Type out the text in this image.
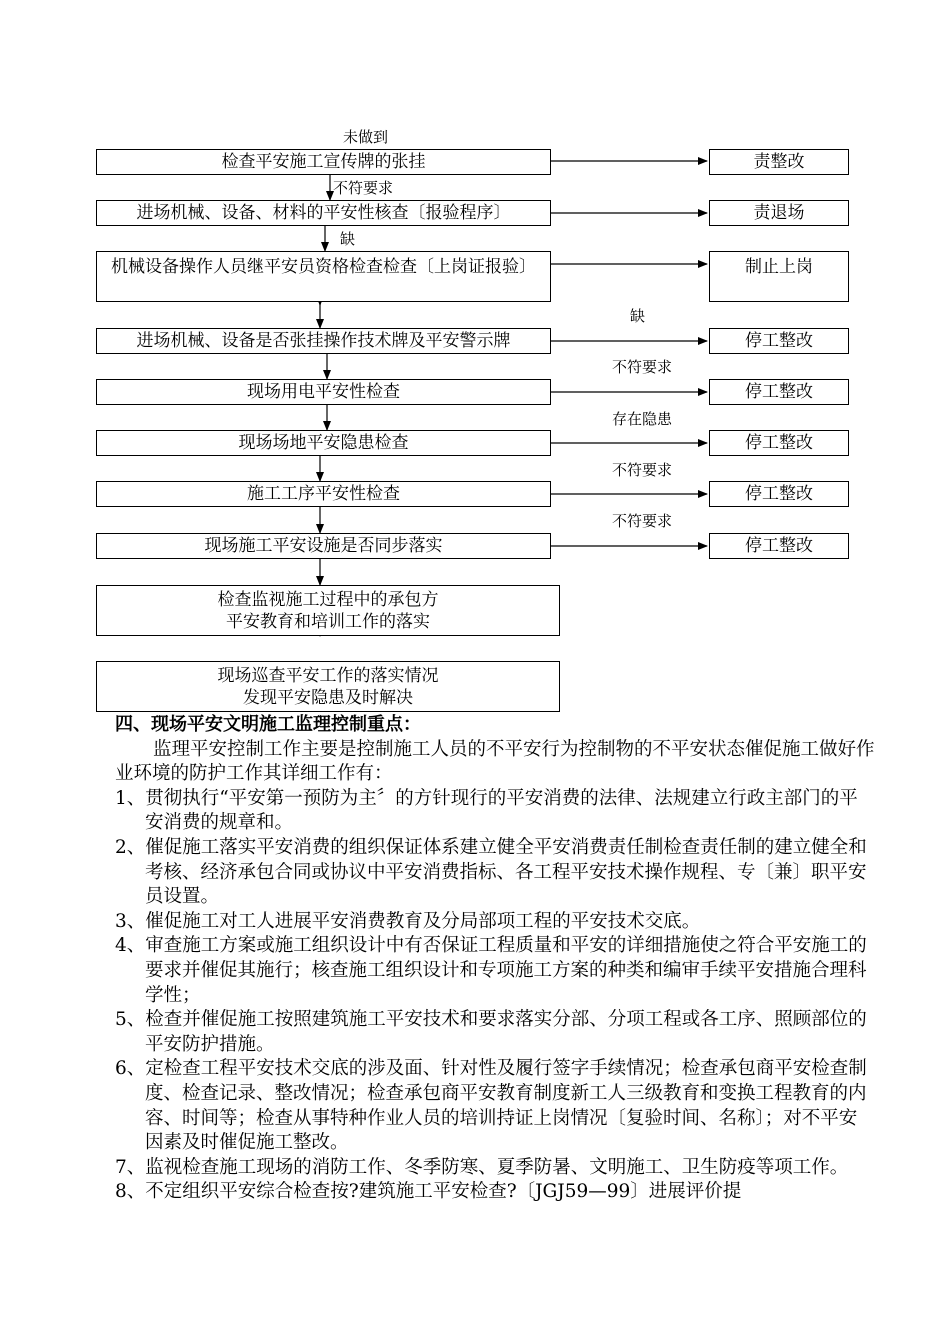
未做到
不符要求
缺
缺
不符要求
存在隐患
不符要求
不符要求
检查平安施工宣传牌的张挂
进场机械、设备、材料的平安性核查〔报验程序〕
机械设备操作人员继平安员资格检查检查〔上岗证报验〕
进场机械、设备是否张挂操作技术牌及平安警示牌
现场用电平安性检查
现场场地平安隐患检查
施工工序平安性检查
现场施工平安设施是否同步落实
责整改
责退场
制止上岗
停工整改
停工整改
停工整改
停工整改
停工整改
检查监视施工过程中的承包方
平安教育和培训工作的落实
现场巡查平安工作的落实情况
发现平安隐患及时解决
四、现场平安文明施工监理控制重点：
监理平安控制工作主要是控制施工人员的不平安行为控制物的不平安状态催促施工做好作业环境的防护工作其详细工作有：
1、贯彻执行“平安第一预防为主〞的方针现行的平安消费的法律、法规建立行政主部门的平安消费的规章和。
2、催促施工落实平安消费的组织保证体系建立健全平安消费责任制检查责任制的建立健全和考核、经济承包合同或协议中平安消费指标、各工程平安技术操作规程、专〔兼〕职平安员设置。
3、催促施工对工人进展平安消费教育及分局部项工程的平安技术交底。
4、审查施工方案或施工组织设计中有否保证工程质量和平安的详细措施使之符合平安施工的要求并催促其施行；核查施工组织设计和专项施工方案的种类和编审手续平安措施合理科学性；
5、检查并催促施工按照建筑施工平安技术和要求落实分部、分项工程或各工序、照顾部位的平安防护措施。
6、定检查工程平安技术交底的涉及面、针对性及履行签字手续情况；检查承包商平安检查制度、检查记录、整改情况；检查承包商平安教育制度新工人三级教育和变换工程教育的内容、时间等；检查从事特种作业人员的培训持证上岗情况〔复验时间、名称〕；对不平安因素及时催促施工整改。
7、监视检查施工现场的消防工作、冬季防寒、夏季防暑、文明施工、卫生防疫等项工作。
8、不定组织平安综合检查按?建筑施工平安检查?〔JGJ59—99〕进展评价提
